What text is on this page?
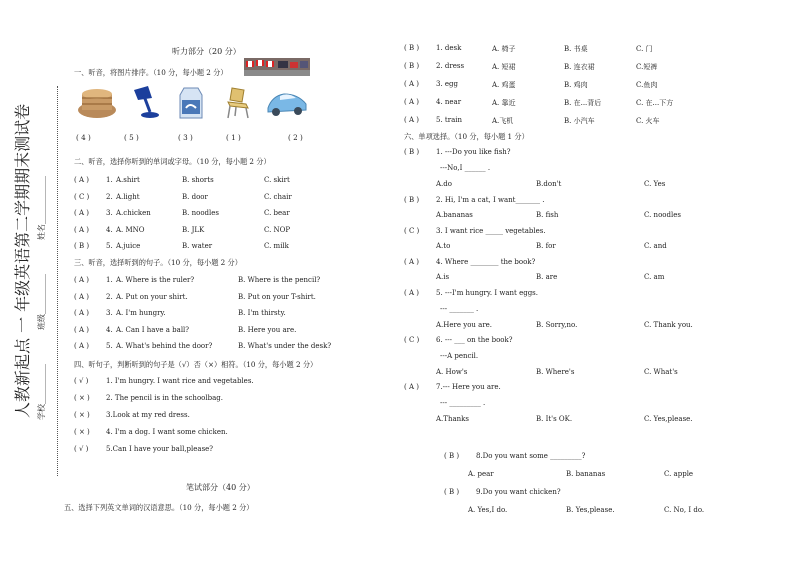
人教新起点 一 年级英语第二学期期末测试卷 学校__________
班级__________
姓名____________
听力部分（20 分）
一、听音，将图片排序。（10 分，每小题 2 分）
( 4 )	( 5 )	( 3 )	( 1 )	( 2 )
二、听音，选择你听到的单词或字母。（10 分，每小题 2 分）
( A ) 1. A.shirt	B. shorts	C. skirt
( C ) 2. A.light	B. door	C. chair
( A ) 3. A.chicken	B. noodles	C. bear
( A ) 4. A. MNO	B. JLK	C. NOP
( B ) 5. A.juice	B. water	C. milk
三、听音，选择听到的句子。（10 分，每小题 2 分）
( A ) 1. A. Where is the ruler?	B. Where is the pencil?
( A ) 2. A. Put on your shirt.	B. Put on your T-shirt.
( A ) 3. A. I'm hungry.	B. I'm thirsty.
( A ) 4. A. Can I have a ball?	B. Here you are.
( A ) 5. A. What's behind the door?	B. What's under the desk?
四、听句子，判断听到的句子是（√）否（×）相符。（10 分，每小题 2 分）
( √ )	1. I'm hungry. I want rice and vegetables.
( × ) 2. The pencil is in the schoolbag.
( × ) 3.Look at my red dress.
( × ) 4. I'm a dog. I want some chicken.
( √ )	5.Can I have your ball,please?
笔试部分（40 分）
五、选择下列英文单词的汉语意思。（10 分，每小题 2 分）
( B ) 1. desk	A. 椅子	B. 书桌	C. 门
( B ) 2. dress	A. 短裙	B. 连衣裙	C.短裤
( A ) 3. egg	A. 鸡蛋	B. 鸡肉	C.鱼肉
( A ) 4. near	A. 靠近	B. 在...背后	C. 在...下方
( A ) 5. train	A.飞机	B. 小汽车	C. 火车
六、单项选择。（10 分，每小题 1 分）
( B ) 1. ---Do you like fish?
---No,I ______ .
A.do	B.don't	C. Yes
( B ) 2. Hi, I'm a cat, I want_______ .
A.bananas	B. fish	C. noodles
( C ) 3. I want rice _____ vegetables.
A.to	B. for	C. and
( A ) 4. Where ________ the book?
A.is	B. are	C. am
( A ) 5. ---I'm hungry. I want eggs.
--- _______ .
A.Here you are.	B. Sorry,no.	C. Thank you.
( C ) 6. --- ___ on the book?
---A pencil.
A. How's	B. Where's	C. What's
( A ) 7.--- Here you are.
--- _________ .
A.Thanks	B. It's OK.	C. Yes,please.
( B ) 8.Do you want some _________?
A. pear	B. bananas	C. apple
( B ) 9.Do you want chicken?
A. Yes,I do.	B. Yes,please.	C. No, I do.
